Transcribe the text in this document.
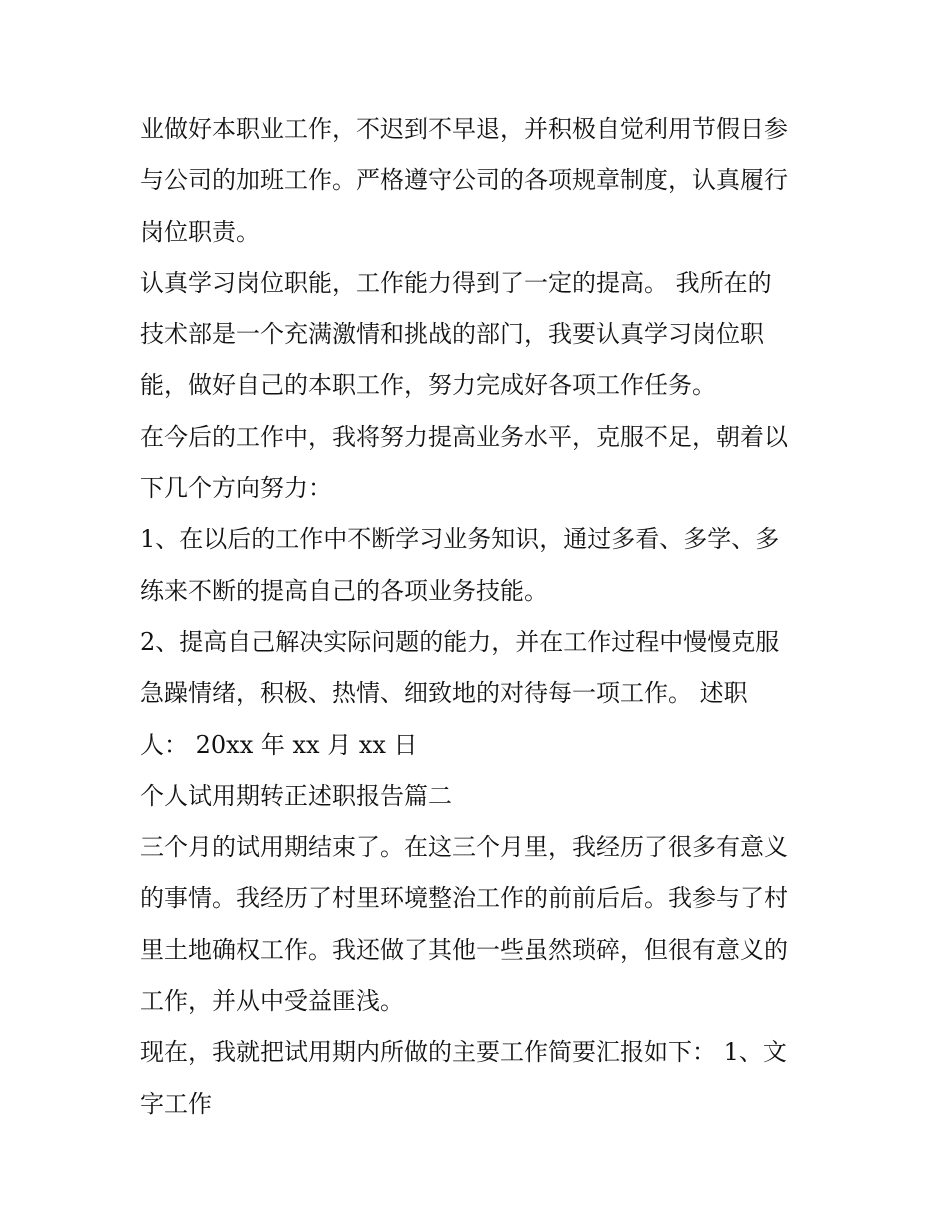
业做好本职业工作，不迟到不早退，并积极自觉利用节假日参
与公司的加班工作。严格遵守公司的各项规章制度，认真履行
岗位职责。
认真学习岗位职能，工作能力得到了一定的提高。 我所在的
技术部是一个充满激情和挑战的部门，我要认真学习岗位职
能，做好自己的本职工作，努力完成好各项工作任务。
在今后的工作中，我将努力提高业务水平，克服不足，朝着以
下几个方向努力：
1、在以后的工作中不断学习业务知识，通过多看、多学、多
练来不断的提高自己的各项业务技能。
2、提高自己解决实际问题的能力，并在工作过程中慢慢克服
急躁情绪，积极、热情、细致地的对待每一项工作。 述职
人： 20xx 年 xx 月 xx 日
个人试用期转正述职报告篇二
三个月的试用期结束了。在这三个月里，我经历了很多有意义
的事情。我经历了村里环境整治工作的前前后后。我参与了村
里土地确权工作。我还做了其他一些虽然琐碎，但很有意义的
工作，并从中受益匪浅。
现在，我就把试用期内所做的主要工作简要汇报如下： 1、文
字工作
